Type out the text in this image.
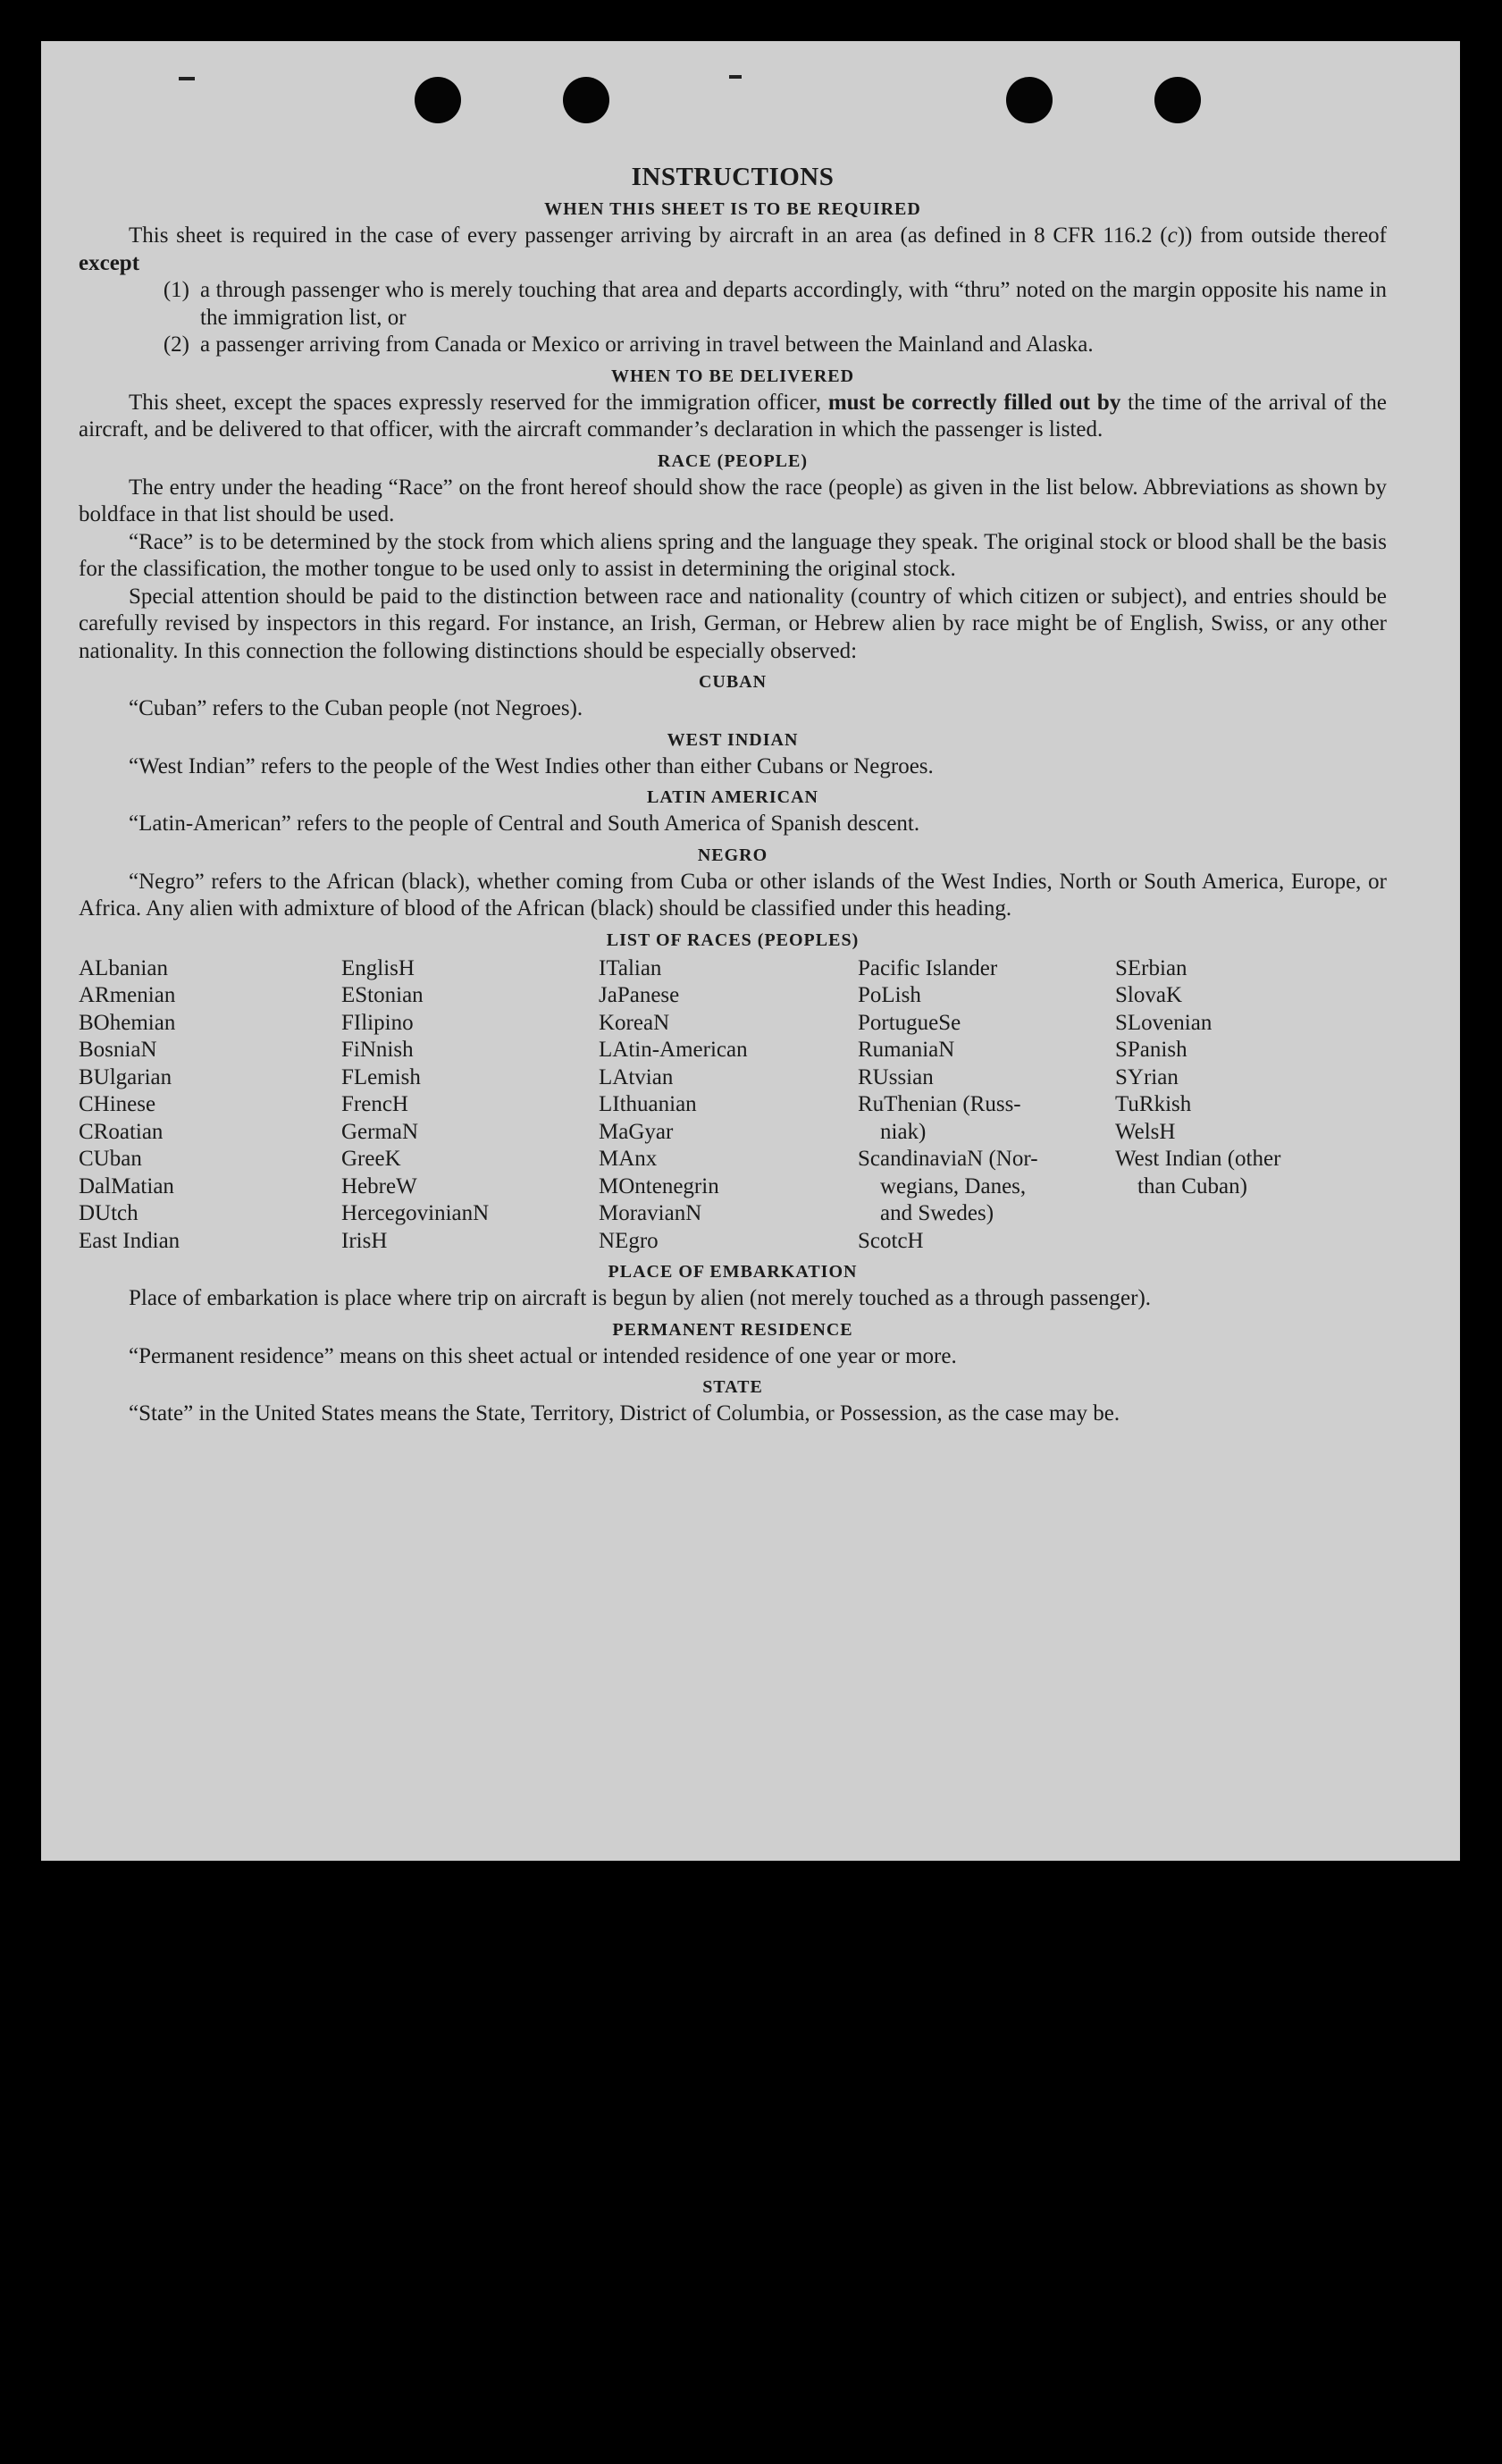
INSTRUCTIONS
WHEN THIS SHEET IS TO BE REQUIRED

This sheet is required in the case of every passenger arriving by aircraft in an area (as defined in 8 CFR 116.2 (c)) from outside thereof except

(1) a through passenger who is merely touching that area and departs accordingly, with “thru” noted on the margin opposite his name in the immigration list, or
(2) a passenger arriving from Canada or Mexico or arriving in travel between the Mainland and Alaska.
WHEN TO BE DELIVERED

This sheet, except the spaces expressly reserved for the immigration officer, must be correctly filled out by the time of the arrival of the aircraft, and be delivered to that officer, with the aircraft commander’s declaration in which the passenger is listed.

RACE (PEOPLE)

The entry under the heading “Race” on the front hereof should show the race (people) as given in the list below. Abbreviations as shown by boldface in that list should be used.

“Race” is to be determined by the stock from which aliens spring and the language they speak. The original stock or blood shall be the basis for the classification, the mother tongue to be used only to assist in determining the original stock.

Special attention should be paid to the distinction between race and nationality (country of which citizen or subject), and entries should be carefully revised by inspectors in this regard. For instance, an Irish, German, or Hebrew alien by race might be of English, Swiss, or any other nationality. In this connection the following distinctions should be especially observed:

CUBAN

“Cuban” refers to the Cuban people (not Negroes).

WEST INDIAN

“West Indian” refers to the people of the West Indies other than either Cubans or Negroes.

LATIN AMERICAN

“Latin-American” refers to the people of Central and South America of Spanish descent.

NEGRO

“Negro” refers to the African (black), whether coming from Cuba or other islands of the West Indies, North or South America, Europe, or Africa. Any alien with admixture of blood of the African (black) should be classified under this heading.

LIST OF RACES (PEOPLES)
ALbanian
ARmenian
BOhemian
BosniaN
BUlgarian
CHinese
CRoatian
CUban
DalMatian
DUtch
East Indian
EnglisH
EStonian
FIlipino
FiNnish
FLemish
FrencH
GermaN
GreeK
HebreW
HercegovinianN
IrisH
ITalian
JaPanese
KoreaN
LAtin-American
LAtvian
LIthuanian
MaGyar
MAnx
MOntenegrin
MoravianN
NEgro
Pacific Islander
PoLish
PortugueSe
RumaniaN
RUssian
RuThenian (Russ-
niak)
ScandinaviaN (Nor-
wegians, Danes,
and Swedes)
ScotcH
SErbian
SlovaK
SLovenian
SPanish
SYrian
TuRkish
WelsH
West Indian (other
than Cuban)
PLACE OF EMBARKATION

Place of embarkation is place where trip on aircraft is begun by alien (not merely touched as a through passenger).

PERMANENT RESIDENCE

“Permanent residence” means on this sheet actual or intended residence of one year or more.

STATE

“State” in the United States means the State, Territory, District of Columbia, or Possession, as the case may be.
